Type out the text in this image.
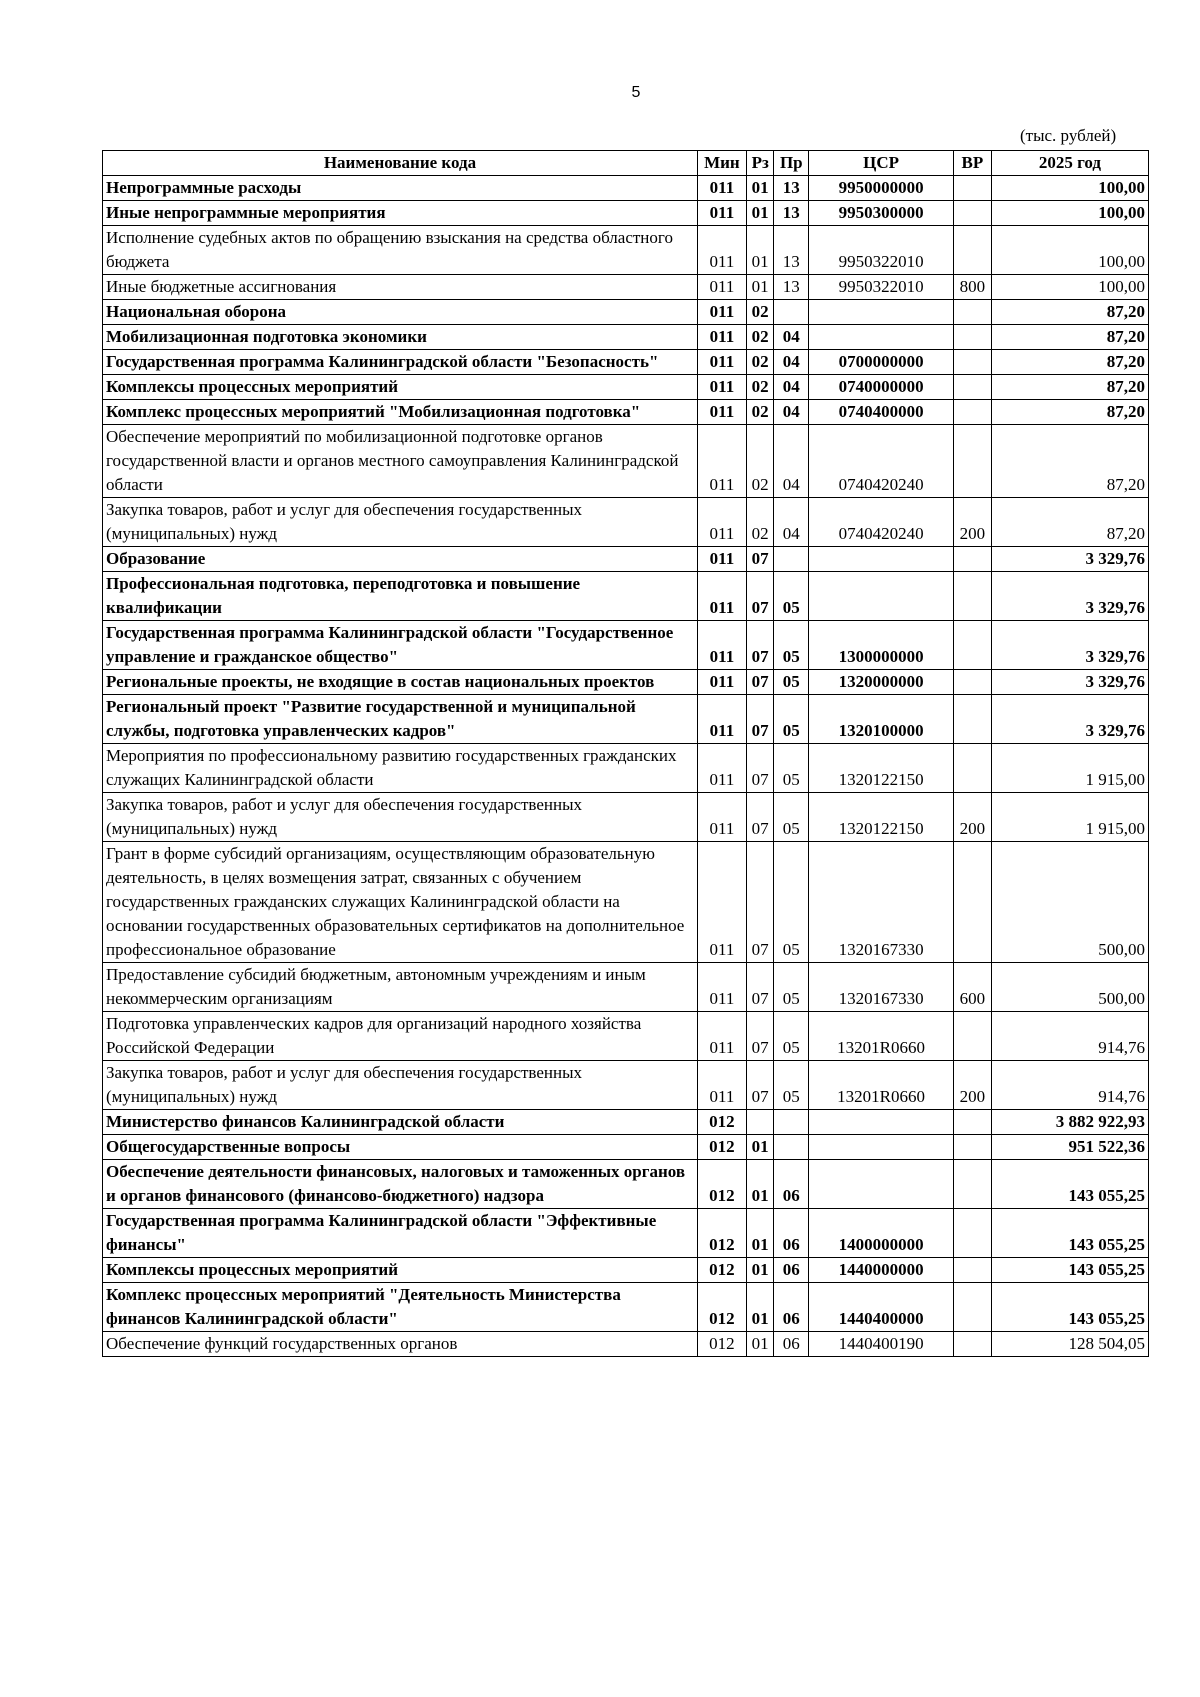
5
(тыс. рублей)
Наименование кода	Мин	Рз	Пр	ЦСР	ВР	2025 год
Непрограммные расходы	011	01	13	9950000000		100,00
Иные непрограммные мероприятия	011	01	13	9950300000		100,00
Исполнение судебных актов по обращению взыскания на средства областного бюджета	011	01	13	9950322010		100,00
Иные бюджетные ассигнования	011	01	13	9950322010	800	100,00
Национальная оборона	011	02				87,20
Мобилизационная подготовка экономики	011	02	04			87,20
Государственная программа Калининградской области "Безопасность"	011	02	04	0700000000		87,20
Комплексы процессных мероприятий	011	02	04	0740000000		87,20
Комплекс процессных мероприятий "Мобилизационная подготовка"	011	02	04	0740400000		87,20
Обеспечение мероприятий по мобилизационной подготовке органов государственной власти и органов местного самоуправления Калининградской области	011	02	04	0740420240		87,20
Закупка товаров, работ и услуг для обеспечения государственных (муниципальных) нужд	011	02	04	0740420240	200	87,20
Образование	011	07				3 329,76
Профессиональная подготовка, переподготовка и повышение квалификации	011	07	05			3 329,76
Государственная программа Калининградской области "Государственное управление и гражданское общество"	011	07	05	1300000000		3 329,76
Региональные проекты, не входящие в состав национальных проектов	011	07	05	1320000000		3 329,76
Региональный проект "Развитие государственной и муниципальной службы, подготовка управленческих кадров"	011	07	05	1320100000		3 329,76
Мероприятия по профессиональному развитию государственных гражданских служащих Калининградской области	011	07	05	1320122150		1 915,00
Закупка товаров, работ и услуг для обеспечения государственных (муниципальных) нужд	011	07	05	1320122150	200	1 915,00
Грант в форме субсидий организациям, осуществляющим образовательную деятельность, в целях возмещения затрат, связанных с обучением государственных гражданских служащих Калининградской области на основании государственных образовательных сертификатов на дополнительное профессиональное образование	011	07	05	1320167330		500,00
Предоставление субсидий бюджетным, автономным учреждениям и иным некоммерческим организациям	011	07	05	1320167330	600	500,00
Подготовка управленческих кадров для организаций народного хозяйства Российской Федерации	011	07	05	13201R0660		914,76
Закупка товаров, работ и услуг для обеспечения государственных (муниципальных) нужд	011	07	05	13201R0660	200	914,76
Министерство финансов Калининградской области	012					3 882 922,93
Общегосударственные вопросы	012	01				951 522,36
Обеспечение деятельности финансовых, налоговых и таможенных органов и органов финансового (финансово-бюджетного) надзора	012	01	06			143 055,25
Государственная программа Калининградской области "Эффективные финансы"	012	01	06	1400000000		143 055,25
Комплексы процессных мероприятий	012	01	06	1440000000		143 055,25
Комплекс процессных мероприятий "Деятельность Министерства финансов Калининградской области"	012	01	06	1440400000		143 055,25
Обеспечение функций государственных органов	012	01	06	1440400190		128 504,05
